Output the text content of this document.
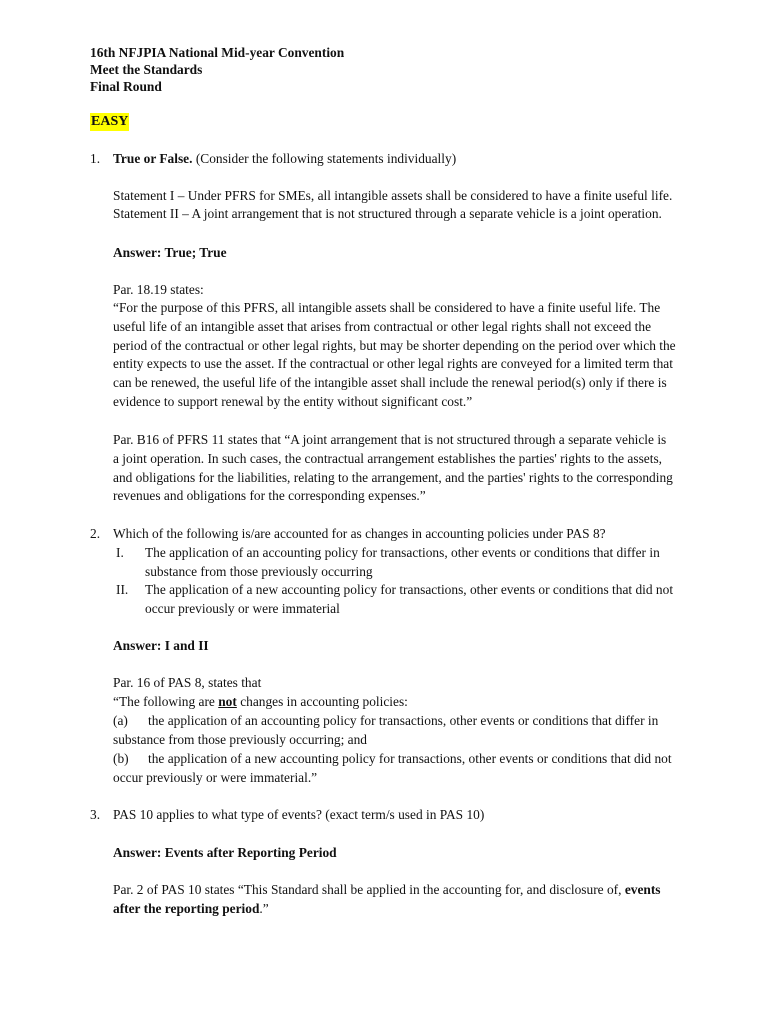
16th NFJPIA National Mid-year Convention
Meet the Standards
Final Round
EASY
1. True or False. (Consider the following statements individually)
Statement I – Under PFRS for SMEs, all intangible assets shall be considered to have a finite useful life.
Statement II – A joint arrangement that is not structured through a separate vehicle is a joint operation.
Answer: True; True
Par. 18.19 states:
“For the purpose of this PFRS, all intangible assets shall be considered to have a finite useful life. The
useful life of an intangible asset that arises from contractual or other legal rights shall not exceed the
period of the contractual or other legal rights, but may be shorter depending on the period over which the
entity expects to use the asset. If the contractual or other legal rights are conveyed for a limited term that
can be renewed, the useful life of the intangible asset shall include the renewal period(s) only if there is
evidence to support renewal by the entity without significant cost.”
Par. B16 of PFRS 11 states that “A joint arrangement that is not structured through a separate vehicle is
a joint operation. In such cases, the contractual arrangement establishes the parties' rights to the assets,
and obligations for the liabilities, relating to the arrangement, and the parties' rights to the corresponding
revenues and obligations for the corresponding expenses.”
2. Which of the following is/are accounted for as changes in accounting policies under PAS 8?
I. The application of an accounting policy for transactions, other events or conditions that differ in
substance from those previously occurring
II. The application of a new accounting policy for transactions, other events or conditions that did not
occur previously or were immaterial
Answer: I and II
Par. 16 of PAS 8, states that
“The following are not changes in accounting policies:
(a) the application of an accounting policy for transactions, other events or conditions that differ in
substance from those previously occurring; and
(b) the application of a new accounting policy for transactions, other events or conditions that did not
occur previously or were immaterial.”
3. PAS 10 applies to what type of events? (exact term/s used in PAS 10)
Answer: Events after Reporting Period
Par. 2 of PAS 10 states “This Standard shall be applied in the accounting for, and disclosure of, events
after the reporting period.”
